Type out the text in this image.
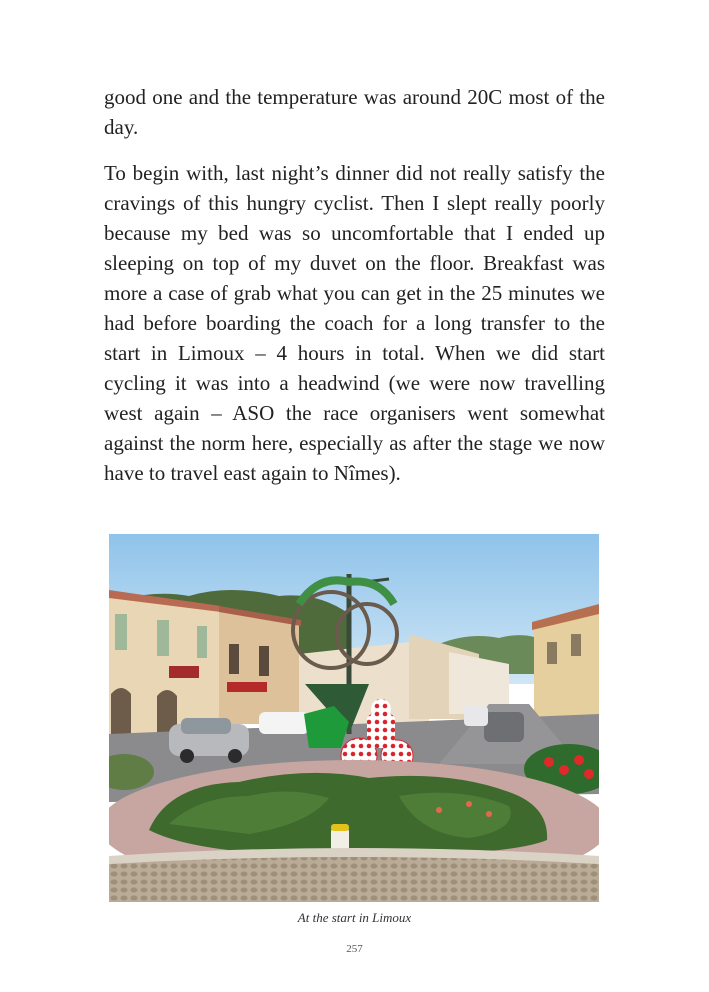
good one and the temperature was around 20C most of the day.
To begin with, last night’s dinner did not really satisfy the cravings of this hungry cyclist. Then I slept really poorly because my bed was so uncomfortable that I ended up sleeping on top of my duvet on the floor. Breakfast was more a case of grab what you can get in the 25 minutes we had before boarding the coach for a long transfer to the start in Limoux – 4 hours in total. When we did start cycling it was into a headwind (we were now travelling west again – ASO the race organisers went somewhat against the norm here, especially as after the stage we now have to travel east again to Nîmes).
At the start in Limoux
257
